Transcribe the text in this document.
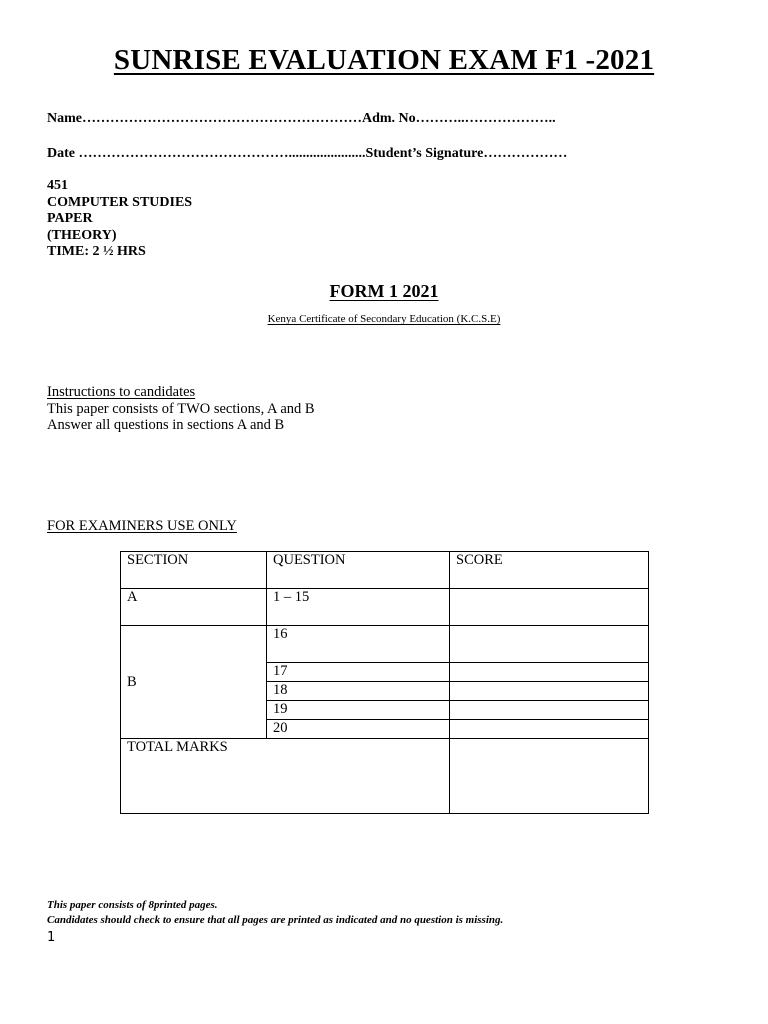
SUNRISE EVALUATION EXAM F1 -2021
Name……………………………………………………Adm. No………..………………..
Date ………………………………………......................Student’s Signature………………
451
COMPUTER STUDIES
PAPER
(THEORY)
TIME: 2 ½ HRS
FORM 1 2021
Kenya Certificate of Secondary Education (K.C.S.E)
Instructions to candidates
This paper consists of TWO sections, A and B
Answer all questions in sections A and B
FOR EXAMINERS USE ONLY
SECTION	QUESTION	SCORE
A	1 – 15	
B	16	
	17	
	18	
	19	
	20	
TOTAL MARKS		
This paper consists of 8printed pages.
Candidates should check to ensure that all pages are printed as indicated and no question is missing.
1
